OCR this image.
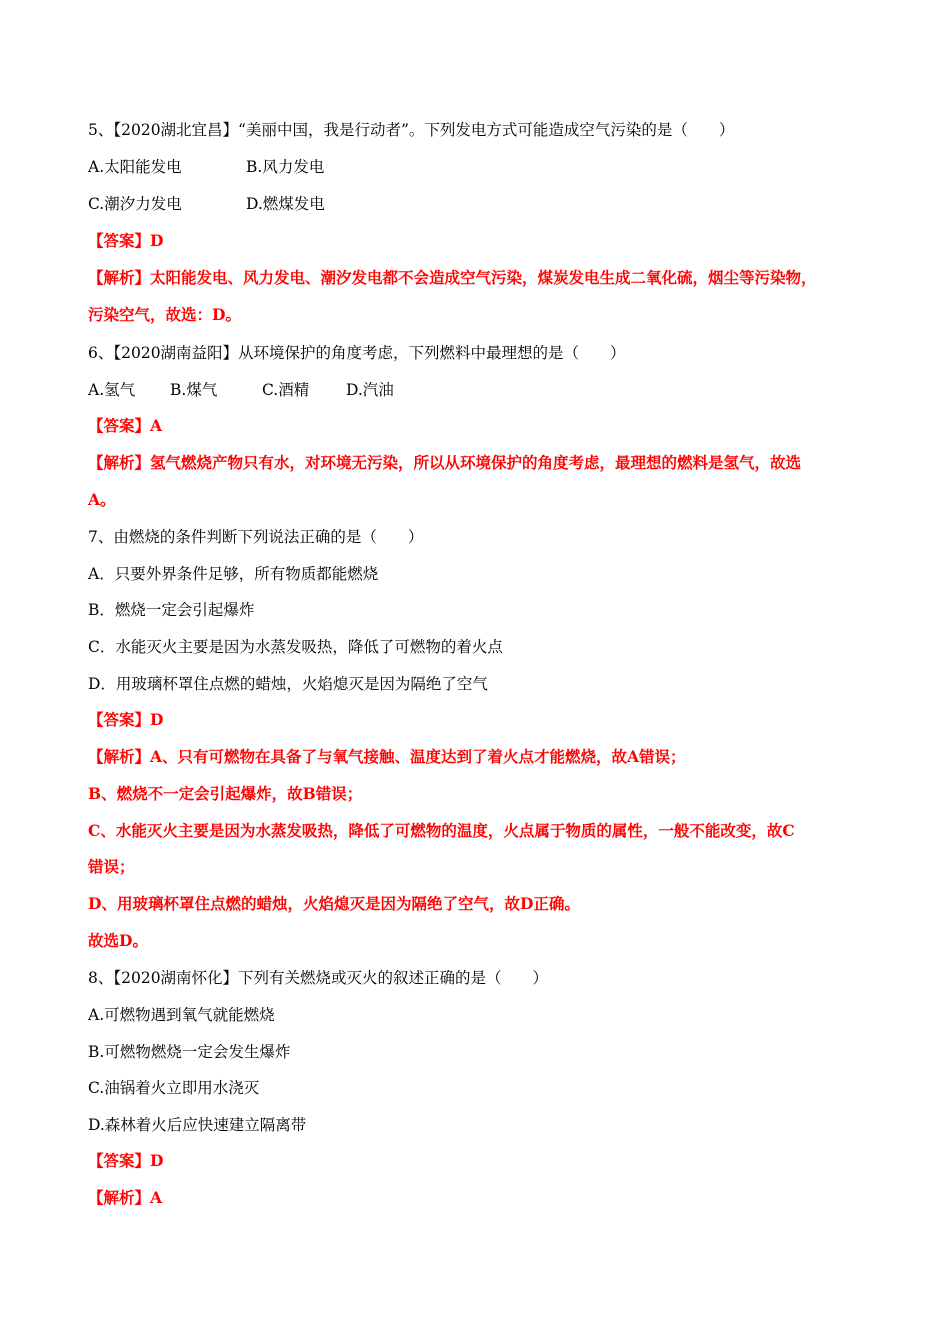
5、【2020湖北宜昌】“美丽中国，我是行动者”。下列发电方式可能造成空气污染的是（　　）
A.太阳能发电	B.风力发电
C.潮汐力发电	D.燃煤发电
【答案】D
【解析】太阳能发电、风力发电、潮汐发电都不会造成空气污染，煤炭发电生成二氧化硫，烟尘等污染物，
污染空气，故选：D。
6、【2020湖南益阳】从环境保护的角度考虑，下列燃料中最理想的是（　　）
A.氢气 B.煤气	C.酒精 D.汽油
【答案】A
【解析】氢气燃烧产物只有水，对环境无污染，所以从环境保护的角度考虑，最理想的燃料是氢气，故选
A。
7、由燃烧的条件判断下列说法正确的是（　　）
A．只要外界条件足够，所有物质都能燃烧
B．燃烧一定会引起爆炸
C．水能灭火主要是因为水蒸发吸热，降低了可燃物的着火点
D．用玻璃杯罩住点燃的蜡烛，火焰熄灭是因为隔绝了空气
【答案】D
【解析】A、只有可燃物在具备了与氧气接触、温度达到了着火点才能燃烧，故A错误；
B、燃烧不一定会引起爆炸，故B错误；
C、水能灭火主要是因为水蒸发吸热，降低了可燃物的温度，火点属于物质的属性，一般不能改变，故C
错误；
D、用玻璃杯罩住点燃的蜡烛，火焰熄灭是因为隔绝了空气，故D正确。
故选D。
8、【2020湖南怀化】下列有关燃烧或灭火的叙述正确的是（　　）
A.可燃物遇到氧气就能燃烧
B.可燃物燃烧一定会发生爆炸
C.油锅着火立即用水浇灭
D.森林着火后应快速建立隔离带
【答案】D
【解析】A
